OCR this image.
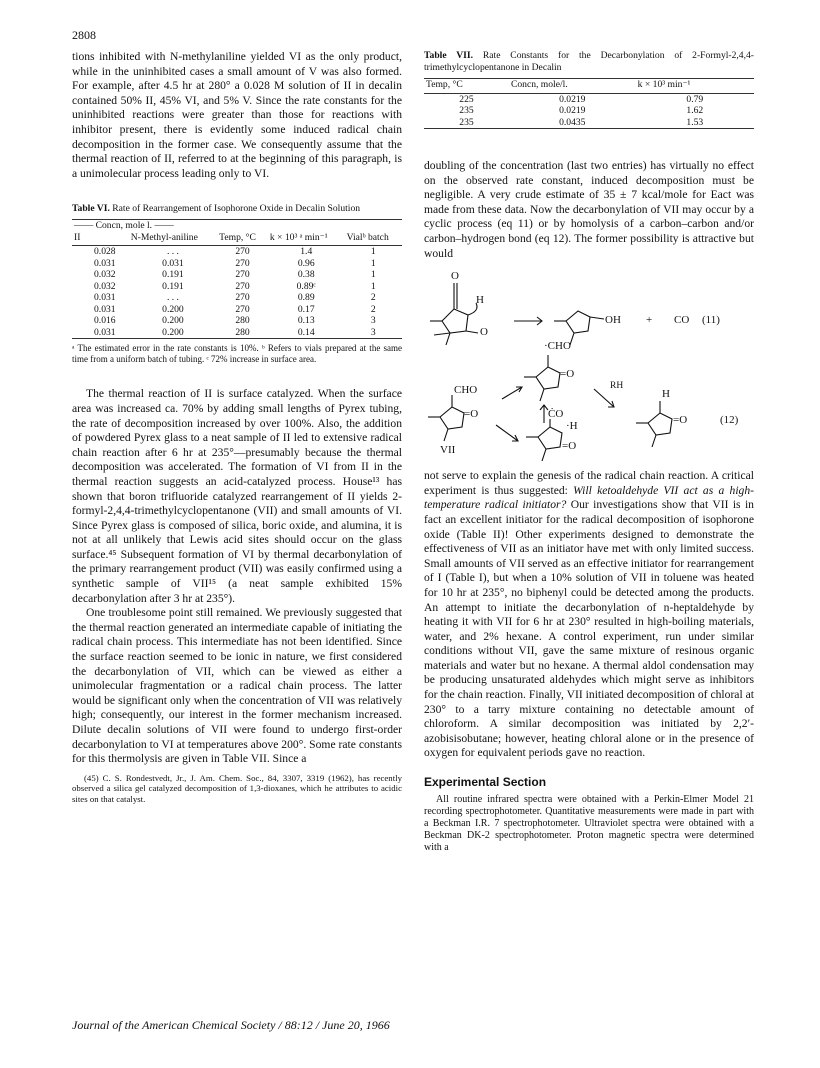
2808

tions inhibited with N-methylaniline yielded VI as the only product, while in the uninhibited cases a small amount of V was also formed. For example, after 4.5 hr at 280° a 0.028 M solution of II in decalin contained 50% II, 45% VI, and 5% V. Since the rate constants for the uninhibited reactions were greater than those for reactions with inhibitor present, there is evidently some induced radical chain decomposition in the former case. We consequently assume that the thermal reaction of II, referred to at the beginning of this paragraph, is a unimolecular process leading only to VI.

Table VI. Rate of Rearrangement of Isophorone Oxide in Decalin Solution
—— Concn, mole l. ——				
II	N-Methyl-aniline	Temp, °C	k × 10³ ᵃ min⁻¹	Vialᵇ batch
0.028	. . .	270	1.4	1
0.031	0.031	270	0.96	1
0.032	0.191	270	0.38	1
0.032	0.191	270	0.89ᶜ	1
0.031	. . .	270	0.89	2
0.031	0.200	270	0.17	2
0.016	0.200	280	0.13	3
0.031	0.200	280	0.14	3
ᵃ The estimated error in the rate constants is 10%. ᵇ Refers to vials prepared at the same time from a uniform batch of tubing. ᶜ 72% increase in surface area.

The thermal reaction of II is surface catalyzed. When the surface area was increased ca. 70% by adding small lengths of Pyrex tubing, the rate of decomposition increased by over 100%. Also, the addition of powdered Pyrex glass to a neat sample of II led to extensive radical chain reaction after 6 hr at 235°—presumably because the thermal decomposition was accelerated. The formation of VI from II in the thermal reaction suggests an acid-catalyzed process. House¹³ has shown that boron trifluoride catalyzed rearrangement of II yields 2-formyl-2,4,4-trimethylcyclopentanone (VII) and small amounts of VI. Since Pyrex glass is composed of silica, boric oxide, and alumina, it is not at all unlikely that Lewis acid sites should occur on the glass surface.⁴⁵ Subsequent formation of VI by thermal decarbonylation of the primary rearrangement product (VII) was easily confirmed using a synthetic sample of VII¹⁵ (a neat sample exhibited 15% decarbonylation after 3 hr at 235°).

One troublesome point still remained. We previously suggested that the thermal reaction generated an intermediate capable of initiating the radical chain process. This intermediate has not been identified. Since the surface reaction seemed to be ionic in nature, we first considered the decarbonylation of VII, which can be viewed as either a unimolecular fragmentation or a radical chain process. The latter would be significant only when the concentration of VII was relatively high; consequently, our interest in the former mechanism increased. Dilute decalin solutions of VII were found to undergo first-order decarbonylation to VI at temperatures above 200°. Some rate constants for this thermolysis are given in Table VII. Since a

(45) C. S. Rondestvedt, Jr., J. Am. Chem. Soc., 84, 3307, 3319 (1962), has recently observed a silica gel catalyzed decomposition of 1,3-dioxanes, which he attributes to acidic sites on that catalyst.
Table VII. Rate Constants for the Decarbonylation of 2-Formyl-2,4,4-trimethylcyclopentanone in Decalin
Temp, °C	Concn, mole/l.	k × 10³ min⁻¹
225	0.0219	0.79
235	0.0219	1.62
235	0.0435	1.53

doubling of the concentration (last two entries) has virtually no effect on the observed rate constant, induced decomposition must be negligible. A very crude estimate of 35 ± 7 kcal/mole for Eact was made from these data. Now the decarbonylation of VII may occur by a cyclic process (eq 11) or by homolysis of a carbon–carbon and/or carbon–hydrogen bond (eq 12). The former possibility is attractive but would

O
H
O
OH + CO (11)
·CHO
=O
RH
H
=O	(12)
CHO
=O
VII
ĊO
·H
=O

not serve to explain the genesis of the radical chain reaction. A critical experiment is thus suggested: Will ketoaldehyde VII act as a high-temperature radical initiator? Our investigations show that VII is in fact an excellent initiator for the radical decomposition of isophorone oxide (Table II)! Other experiments designed to demonstrate the effectiveness of VII as an initiator have met with only limited success. Small amounts of VII served as an effective initiator for rearrangement of I (Table I), but when a 10% solution of VII in toluene was heated for 10 hr at 235°, no biphenyl could be detected among the products. An attempt to initiate the decarbonylation of n-heptaldehyde by heating it with VII for 6 hr at 230° resulted in high-boiling materials, water, and 2% hexane. A control experiment, run under similar conditions without VII, gave the same mixture of resinous organic materials and water but no hexane. A thermal aldol condensation may be producing unsaturated aldehydes which might serve as inhibitors for the chain reaction. Finally, VII initiated decomposition of chloral at 230° to a tarry mixture containing no detectable amount of chloroform. A similar decomposition was initiated by 2,2′-azobisisobutane; however, heating chloral alone or in the presence of oxygen for equivalent periods gave no reaction.

Experimental Section
All routine infrared spectra were obtained with a Perkin-Elmer Model 21 recording spectrophotometer. Quantitative measurements were made in part with a Beckman I.R. 7 spectrophotometer. Ultraviolet spectra were obtained with a Beckman DK-2 spectrophotometer. Proton magnetic spectra were determined with a
Journal of the American Chemical Society / 88:12 / June 20, 1966
